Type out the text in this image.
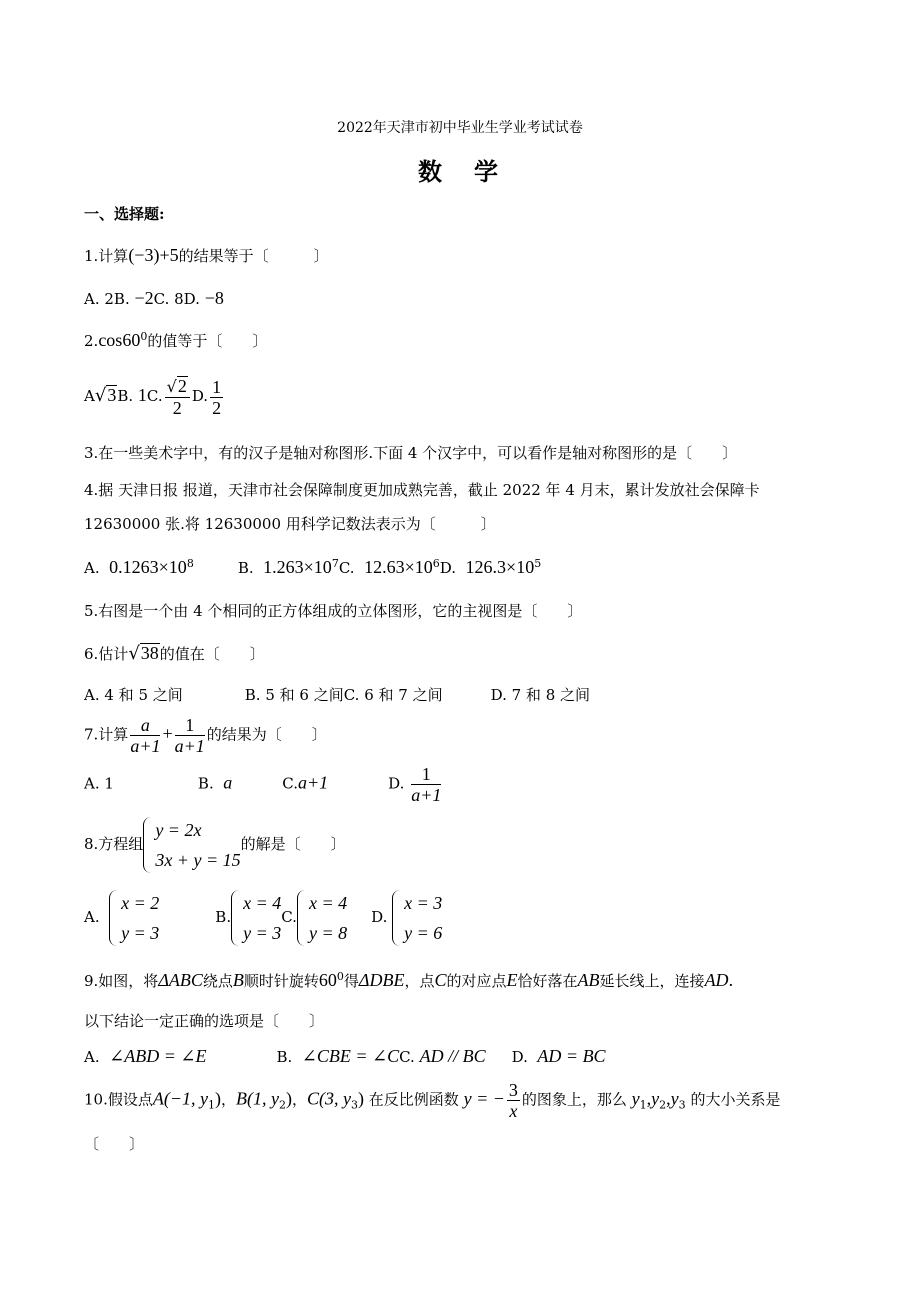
2022年天津市初中毕业生学业考试试卷
数　学
一、选择题:
1.计算(−3)+5的结果等于〔　　　〕
A. 2B. −2C. 8D. −8
$2.\cos 60^0$的值等于〔　　〕
A√3B. 1C. $\frac{√2}{2} D$. $\frac{1}{2}$
3.在一些美术字中，有的汉子是轴对称图形.下面 4 个汉字中，可以看作是轴对称图形的是〔　　〕
4.据 天津日报 报道，天津市社会保障制度更加成熟完善，截止 2022 年 4 月末，累计发放社会保障卡
12630000 张.将 12630000 用科学记数法表示为〔　　　〕
A. $0.1263\times 10^8$	B. $1.263\times 10^7C$. $12.63\times 10^6D$. $126.3\times 10^5$
5.右图是一个由 4 个相同的正方体组成的立体图形，它的主视图是〔　　〕
6.估计√38的值在〔　　〕
A. 4 和 5 之间	B. 5 和 6 之间C. 6 和 7 之间	D. 7 和 8 之间
7.计算 $\frac{a}{a+1} + \frac{1}{a+1}$ 的结果为〔　　〕
A. 1	B. a	C.a+1	D. $\frac{1}{a+1}$
8.方程组
y = 2x
3x + y = 15
的解是〔　　〕
A.
x = 2
y = 3
B.
x = 4
y = 3
C.
x = 4
y = 8
D.
x = 3
y = 6
9.如图，将ΔABC绕点B顺时针旋转$60^0$得ΔDBE，点C的对应点E恰好落在AB延长线上，连接AD.
以下结论一定正确的选项是〔　　〕
A. ∠ABD = ∠E	B. ∠CBE = ∠CC. AD // BC D. AD = BC
10.假设点A(−1, $y_1$)，B(1, $y_2$)，C(3, $y_3$) 在反比例函数 y = − $\frac{3}{x}$ 的图象上，那么 $y_1,y_2,y_3$ 的大小关系是
〔　　〕
